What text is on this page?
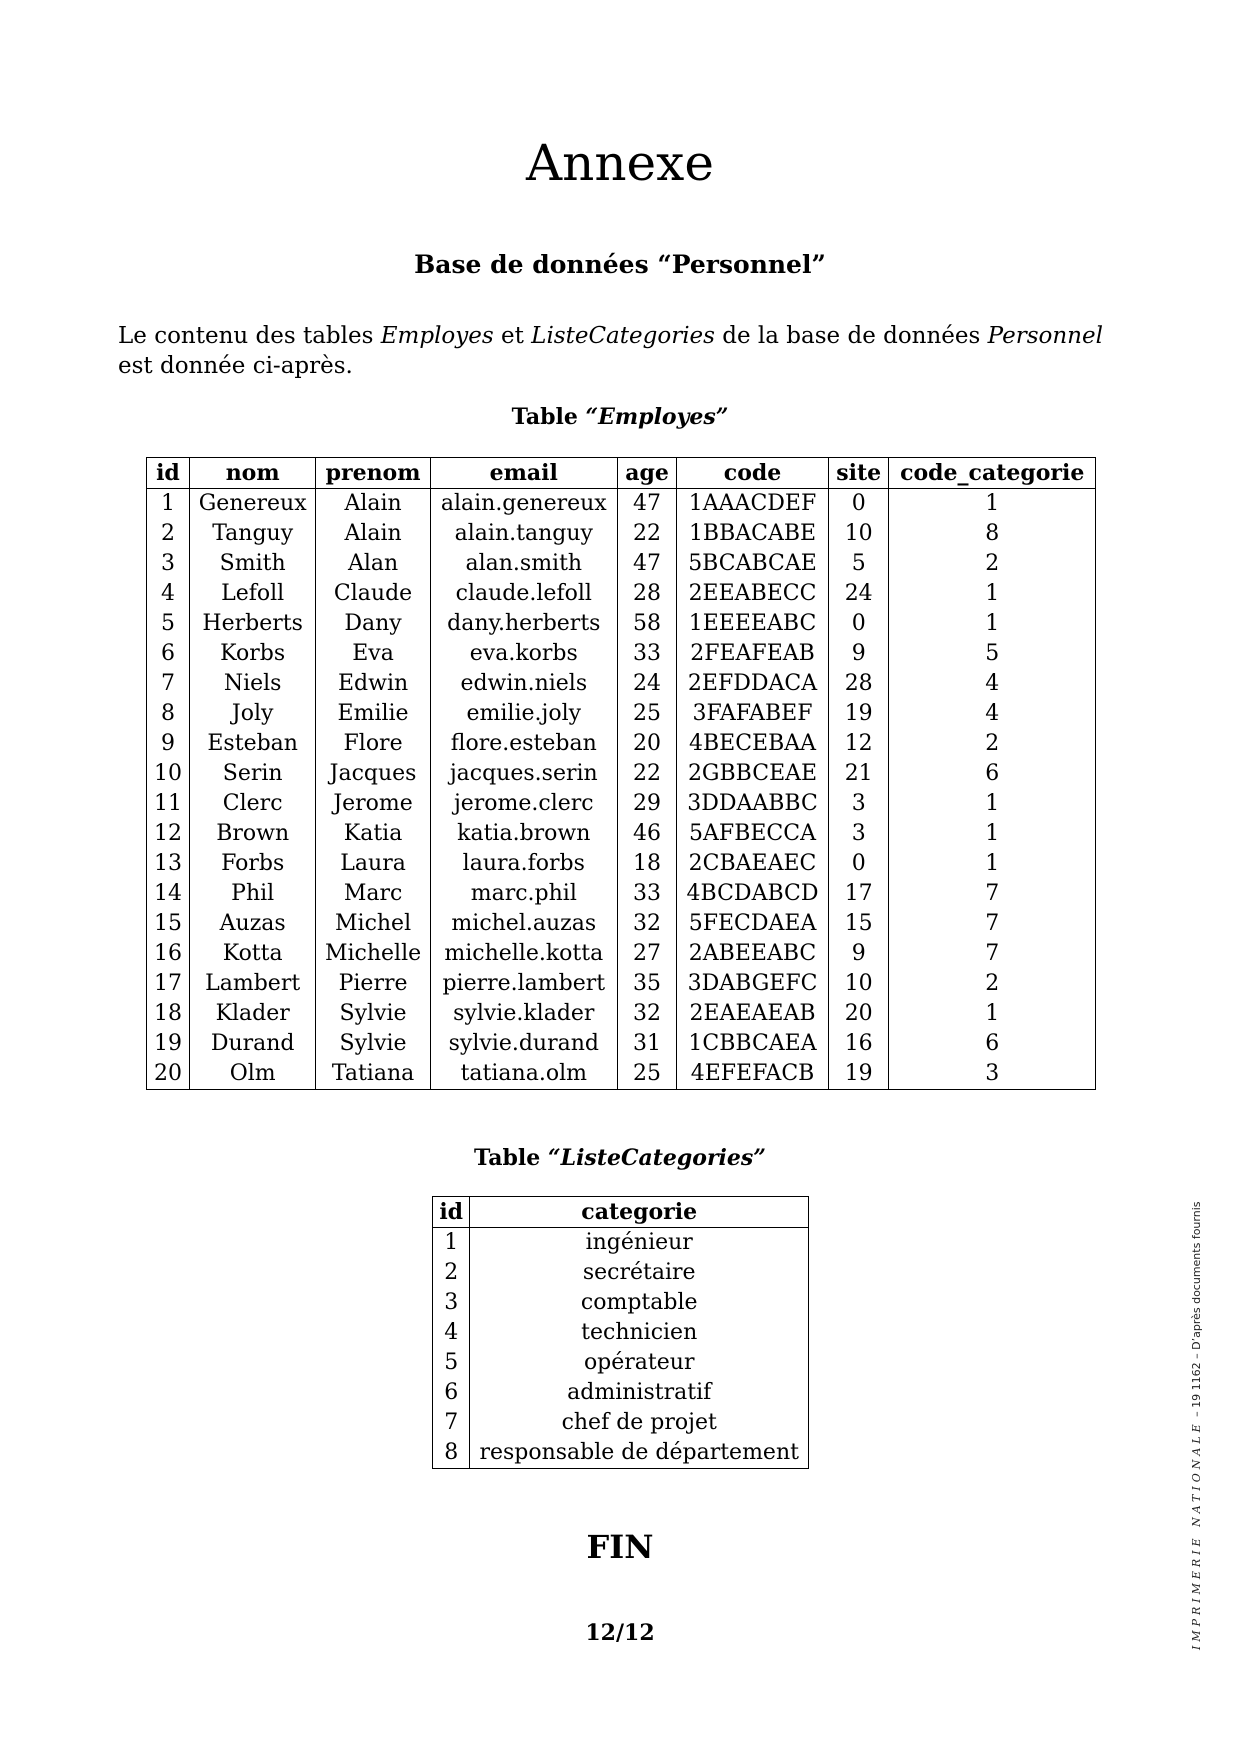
Annexe
Base de données “Personnel”

Le contenu des tables Employes et ListeCategories de la base de données Personnel est donnée ci-après.

Table “Employes”
id	nom	prenom	email	age	code	site	code_categorie
1	Genereux	Alain	alain.genereux	47	1AAACDEF	0	1
2	Tanguy	Alain	alain.tanguy	22	1BBACABE	10	8
3	Smith	Alan	alan.smith	47	5BCABCAE	5	2
4	Lefoll	Claude	claude.lefoll	28	2EEABECC	24	1
5	Herberts	Dany	dany.herberts	58	1EEEEABC	0	1
6	Korbs	Eva	eva.korbs	33	2FEAFEAB	9	5
7	Niels	Edwin	edwin.niels	24	2EFDDACA	28	4
8	Joly	Emilie	emilie.joly	25	3FAFABEF	19	4
9	Esteban	Flore	flore.esteban	20	4BECEBAA	12	2
10	Serin	Jacques	jacques.serin	22	2GBBCEAE	21	6
11	Clerc	Jerome	jerome.clerc	29	3DDAABBC	3	1
12	Brown	Katia	katia.brown	46	5AFBECCA	3	1
13	Forbs	Laura	laura.forbs	18	2CBAEAEC	0	1
14	Phil	Marc	marc.phil	33	4BCDABCD	17	7
15	Auzas	Michel	michel.auzas	32	5FECDAEA	15	7
16	Kotta	Michelle	michelle.kotta	27	2ABEEABC	9	7
17	Lambert	Pierre	pierre.lambert	35	3DABGEFC	10	2
18	Klader	Sylvie	sylvie.klader	32	2EAEAEAB	20	1
19	Durand	Sylvie	sylvie.durand	31	1CBBCAEA	16	6
20	Olm	Tatiana	tatiana.olm	25	4EFEFACB	19	3
Table “ListeCategories”
id	categorie
1	ingénieur
2	secrétaire
3	comptable
4	technicien
5	opérateur
6	administratif
7	chef de projet
8	responsable de département
FIN
12/12	IMPRIMERIE NATIONALE – 19 1162 – D’après documents fournis
